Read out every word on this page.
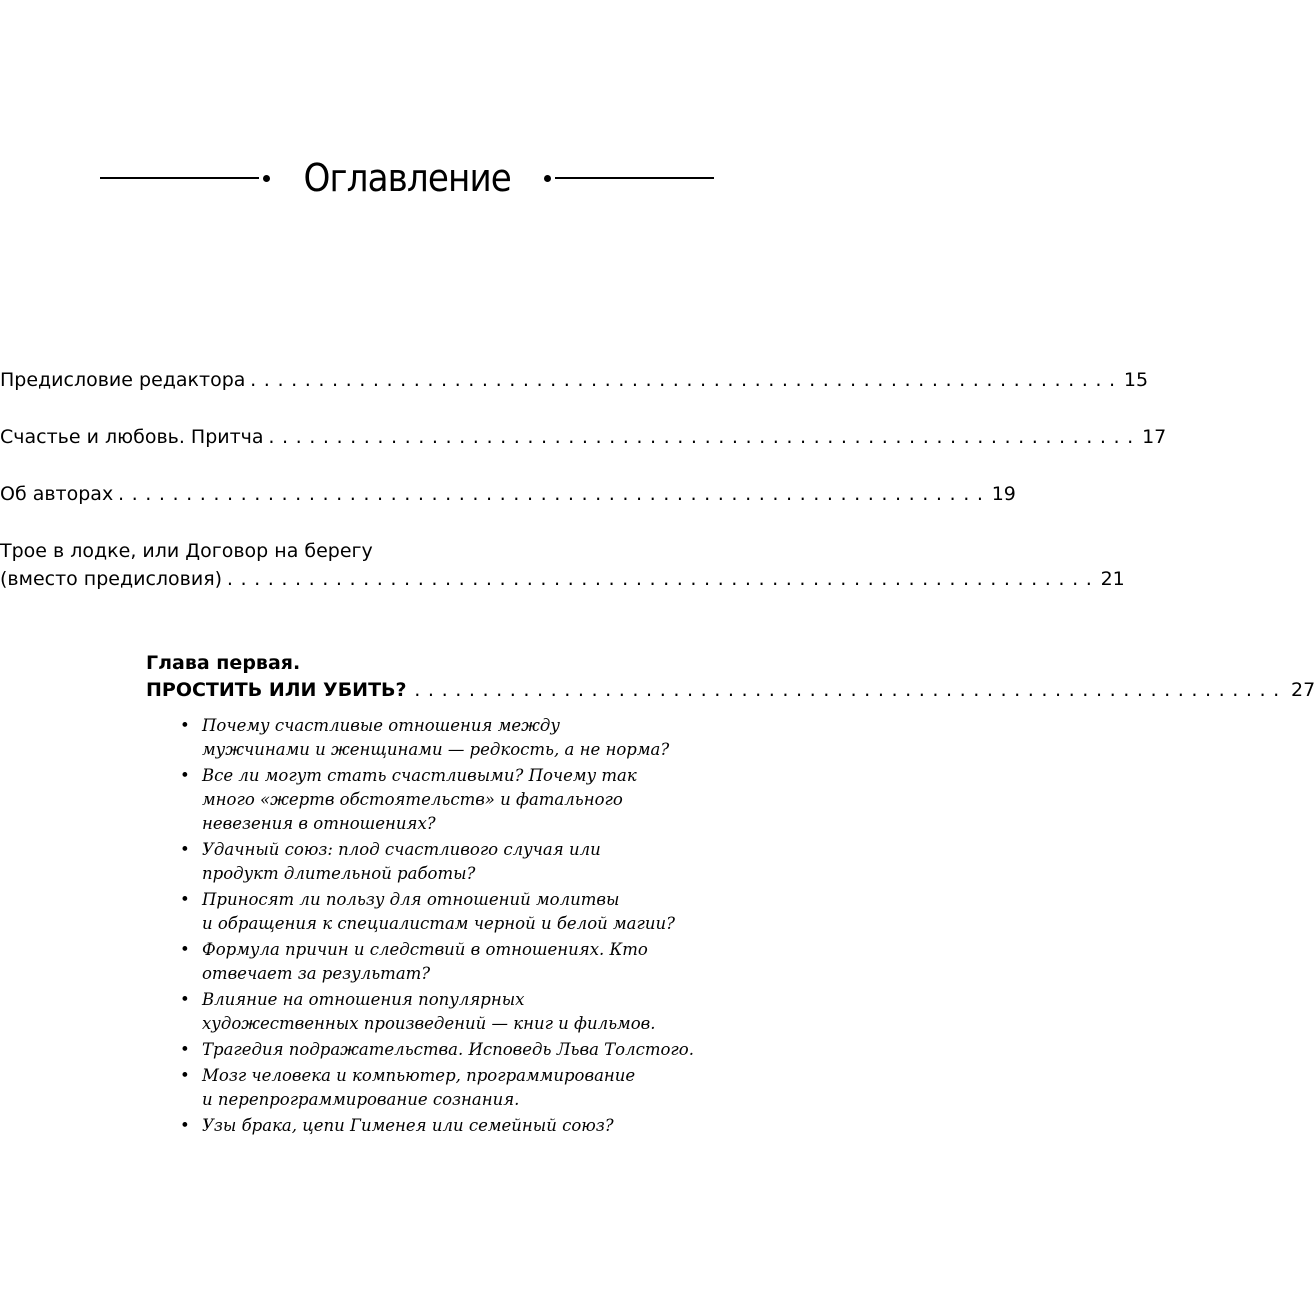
Оглавление
Предисловие редактора ................................................................ 15
Счастье и любовь. Притча ................................................................ 17
Об авторах ................................................................ 19
Трое в лодке, или Договор на берегу
(вместо предисловия) ................................................................ 21
Глава первая.
ПРОСТИТЬ ИЛИ УБИТЬ? ................................................................ 27
• Почему счастливые отношения между
мужчинами и женщинами — редкость, а не норма?
• Все ли могут стать счастливыми? Почему так
много «жертв обстоятельств» и фатального
невезения в отношениях?
• Удачный союз: плод счастливого случая или
продукт длительной работы?
• Приносят ли пользу для отношений молитвы
и обращения к специалистам черной и белой магии?
• Формула причин и следствий в отношениях. Кто
отвечает за результат?
• Влияние на отношения популярных
художественных произведений — книг и фильмов.
• Трагедия подражательства. Исповедь Льва Толстого.
• Мозг человека и компьютер, программирование
и перепрограммирование сознания.
• Узы брака, цепи Гименея или семейный союз?
